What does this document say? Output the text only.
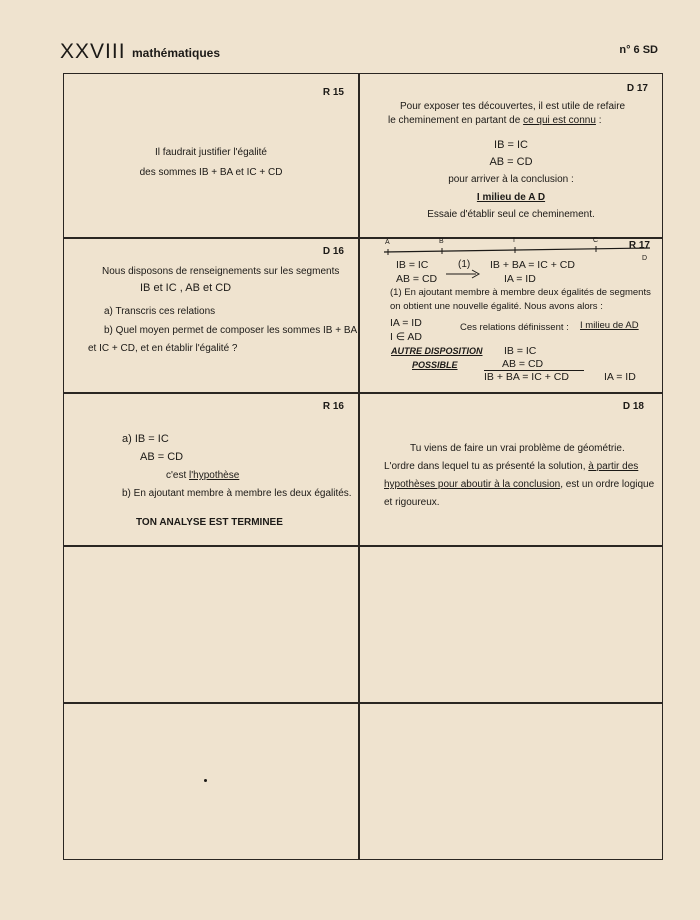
XXVIII mathématiques	n° 6 SD
R 15
Il faudrait justifier l'égalité
des sommes IB + BA et IC + CD
D 17
Pour exposer tes découvertes, il est utile de refaire
le cheminement en partant de ce qui est connu :
IB = IC
AB = CD
pour arriver à la conclusion :
I milieu de A D
Essaie d'établir seul ce cheminement.
D 16
Nous disposons de renseignements sur les segments
IB et IC , AB et CD
a) Transcris ces relations
b) Quel moyen permet de composer les sommes IB + BA
et IC + CD, et en établir l'égalité ?
A	B	I	C
D
R 17
IB = IC	(1) IB + BA = IC + CD
AB = CD	IA = ID
(1) En ajoutant membre à membre deux égalités de segments
on obtient une nouvelle égalité. Nous avons alors :
IA = ID
I ∈ AD
Ces relations définissent : I milieu de AD
AUTRE DISPOSITION
POSSIBLE
IB = IC
AB = CD
IB + BA = IC + CD	IA = ID
R 16
a) IB = IC
AB = CD
c'est l'hypothèse
b) En ajoutant membre à membre les deux égalités.
TON ANALYSE EST TERMINEE
D 18
Tu viens de faire un vrai problème de géométrie.
L'ordre dans lequel tu as présenté la solution, à partir des
hypothèses pour aboutir à la conclusion, est un ordre logique
et rigoureux.
